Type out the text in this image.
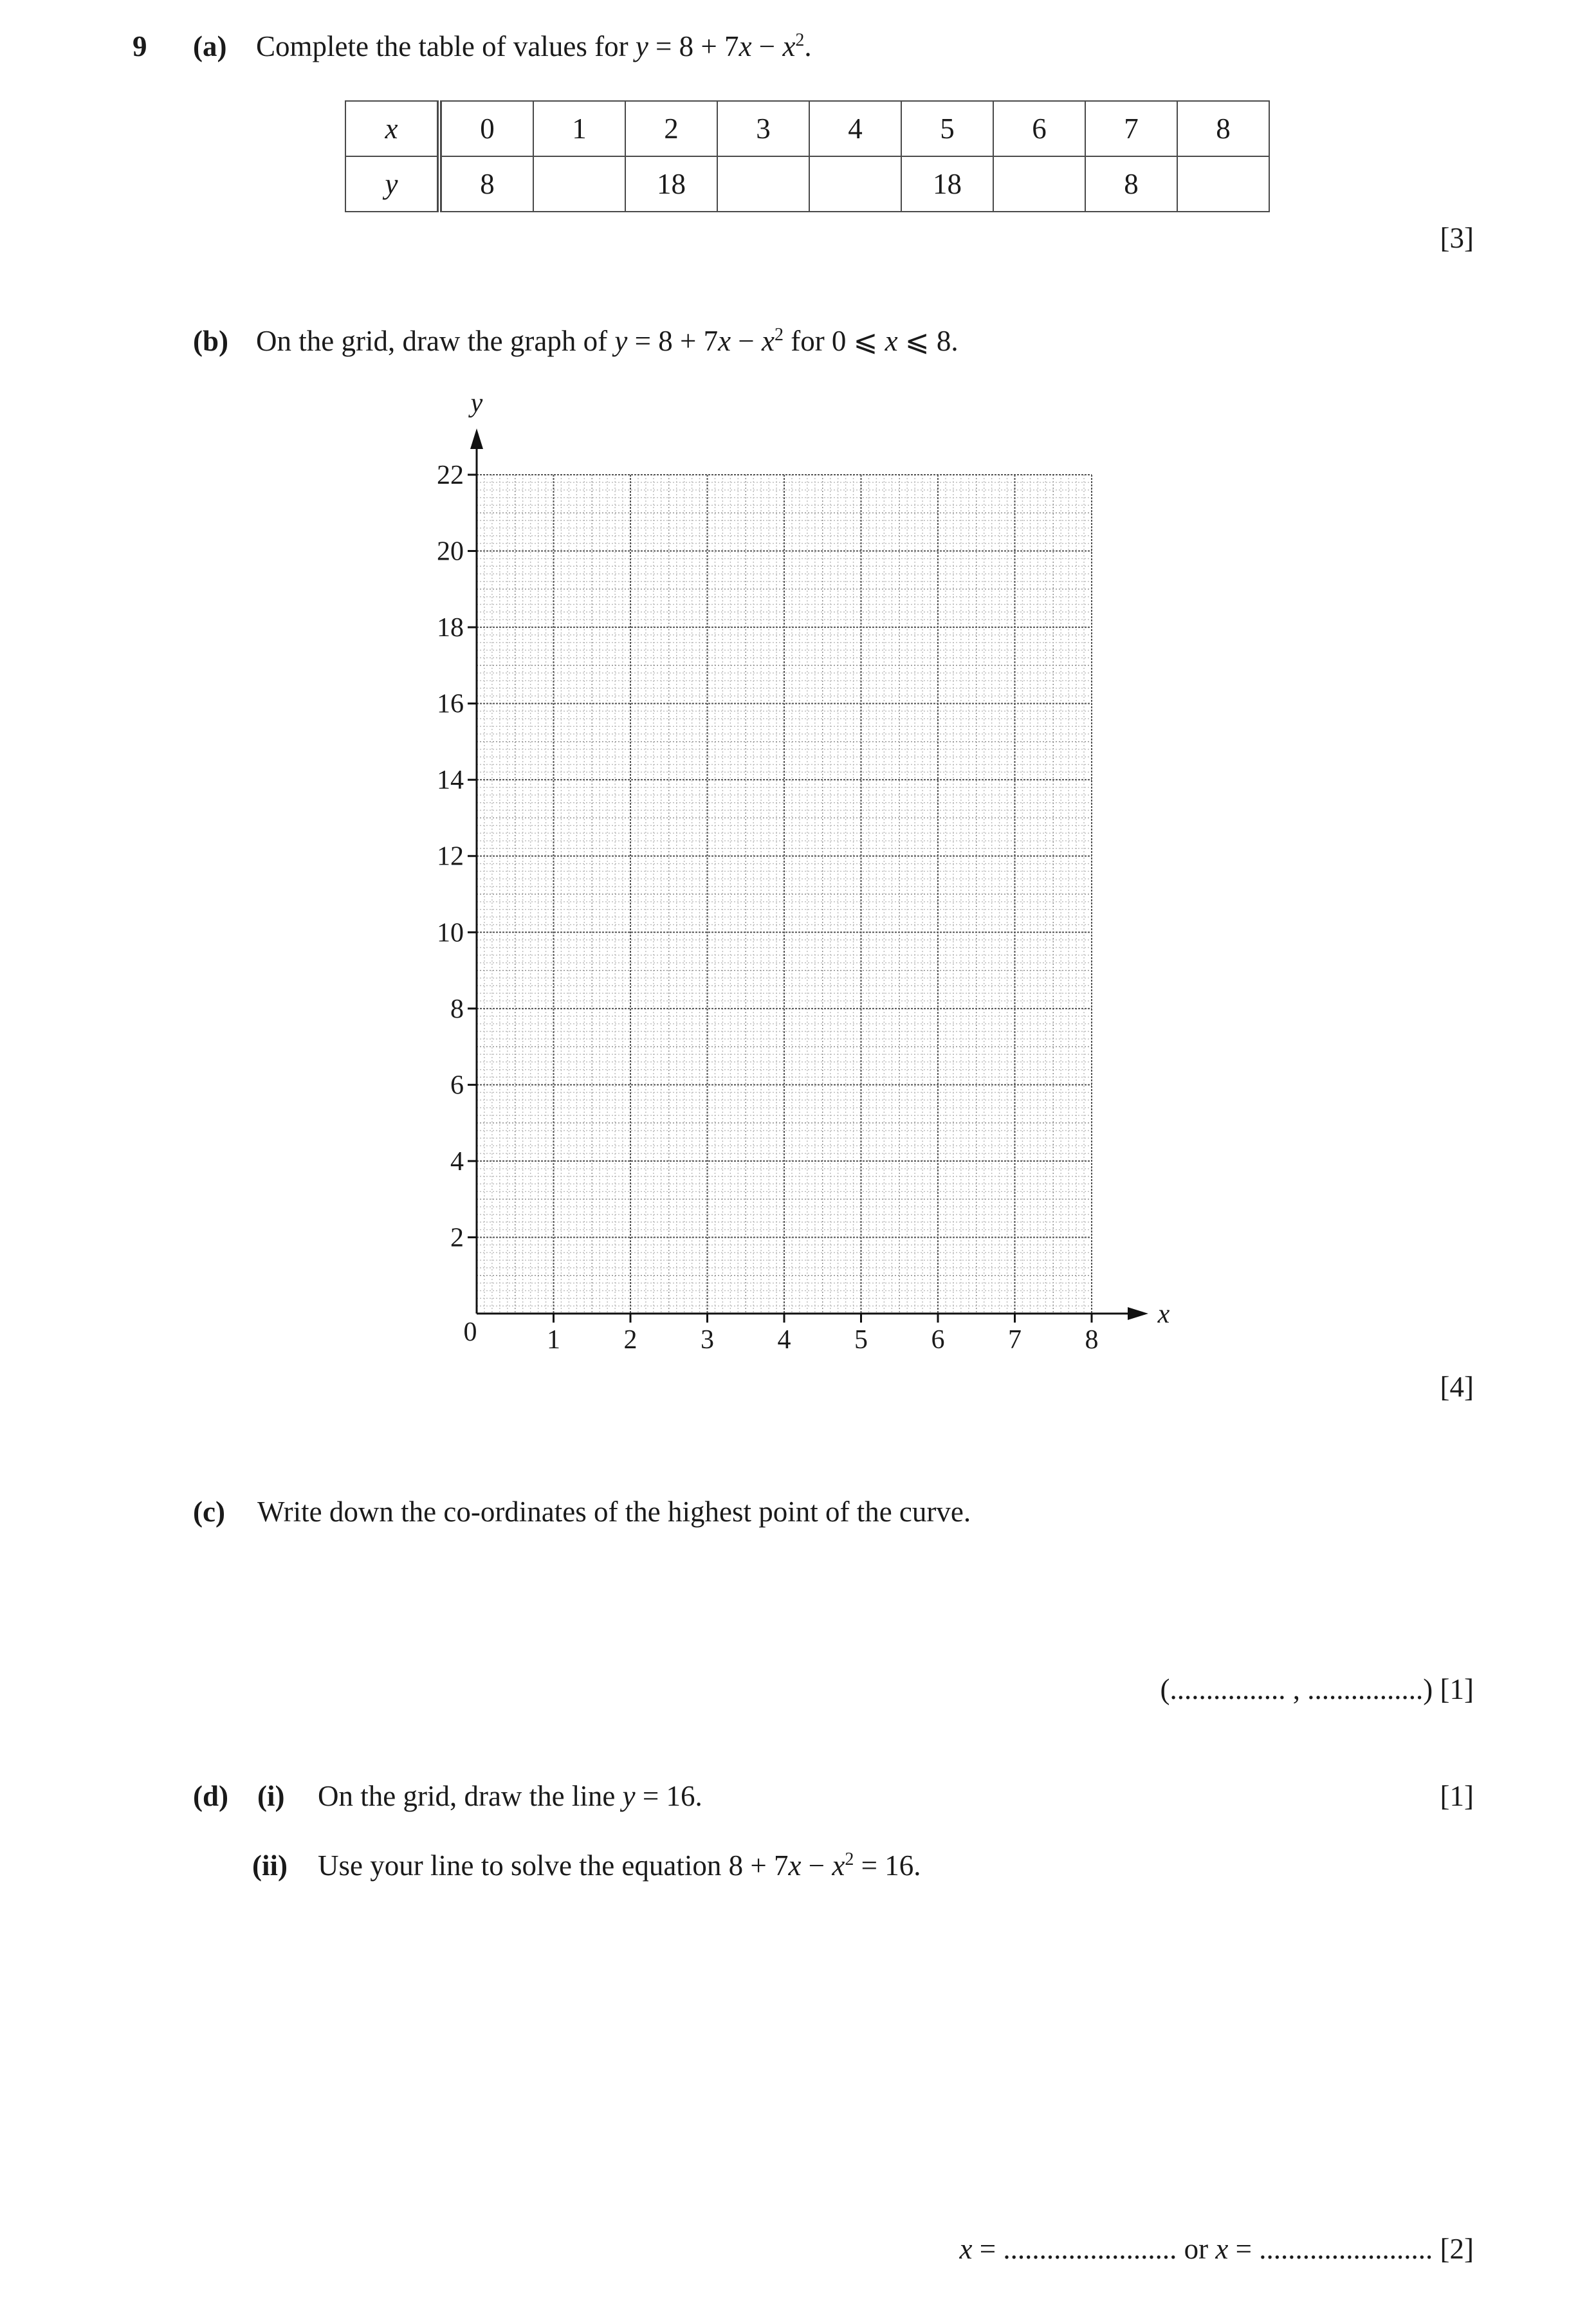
9 (a) Complete the table of values for $y = 8 + 7x - x^2$.
x	0	1	2	3	4	5	6	7	8
y	8		18			18		8	
[3]
(b) On the grid, draw the graph of $y = 8 + 7x - x^2$ for 0 ⩽ x ⩽ 8.
2
4
6
8
10
12
14
16
18
20
22
1 2 3 4 5 6 7 8
0
y
x
[4]
(c) Write down the co-ordinates of the highest point of the curve.
(................ , ................) [1]
(d) (i) On the grid, draw the line y = 16.	[1]
(ii) Use your line to solve the equation $8 + 7x - x^2 = 16$.
x = ........................ or x = ........................ [2]
